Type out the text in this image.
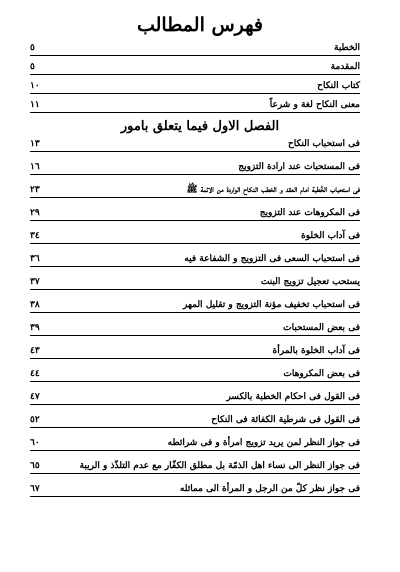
فهرس المطالب
الخطبة
٥
المقدمة
٥
كتاب النكاح
١٠
معنى النكاح لغة و شرعاً
١١
الفصل الاول فيما يتعلق بامور
فى استحباب النكاح
١٣
فى المستحبات عند ارادة التزويج
١٦
فى استحباب الخُطبة امام العقد و الخطب النكاح الواردة من الائمة ﷺ
٢٣
فى المكروهات عند التزويج
٢٩
فى آداب الخلوة
٣٤
فى استحباب السعى فى التزويج و الشفاعة فيه
٣٦
يستحب تعجيل تزويج البنت
٣٧
فى استحباب تخفيف مؤنة التزويج و تقليل المهر
٣٨
فى بعض المستحبات
٣٩
فى آداب الخلوة بالمرأة
٤٣
فى بعض المكروهات
٤٤
فى القول فى احكام الخطبة بالكسر
٤٧
فى القول فى شرطية الكفائة فى النكاح
٥٢
فى جواز النظر لمن يريد تزويج امرأة و فى شرائطه
٦٠
فى جواز النظر الى نساء اهل الذمّة بل مطلق الكفّار مع عدم التلذّذ و الريبة
٦٥
فى جواز نظر كلّ من الرجل و المرأة الى مماثله
٦٧
